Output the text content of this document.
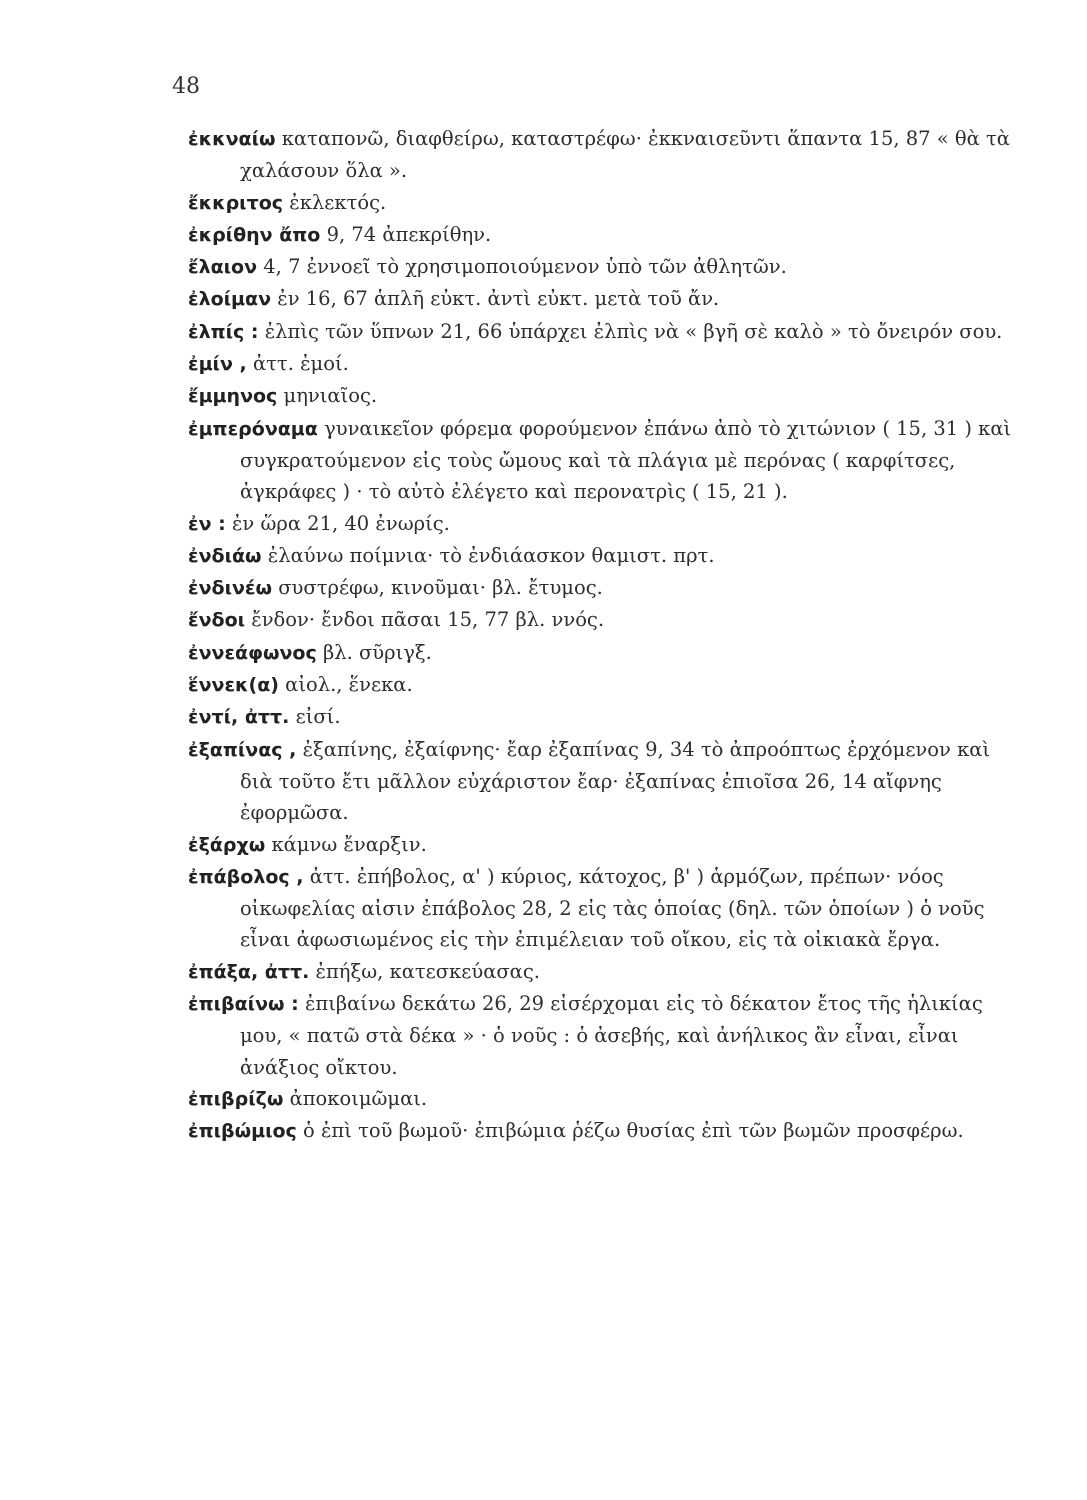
48

ἐκκναίω καταπονῶ, διαφθείρω, καταστρέφω· ἐκκναισεῦντι ἅπαντα 15, 87 « θὰ τὰ χαλάσουν ὅλα ».

ἔκκριτος ἐκλεκτός.

ἐκρίθην ἄπο 9, 74 ἀπεκρίθην.

ἔλαιον 4, 7 ἐννοεῖ τὸ χρησιμοποιούμενον ὑπὸ τῶν ἀθλητῶν.

ἐλοίμαν ἐν 16, 67 ἁπλῆ εὐκτ. ἀντὶ εὐκτ. μετὰ τοῦ ἄν.

ἐλπίς : ἐλπὶς τῶν ὕπνων 21, 66 ὑπάρχει ἐλπὶς νὰ « βγῆ σὲ καλὸ » τὸ ὄνειρόν σου.

ἐμίν , ἀττ. ἐμοί.

ἔμμηνος μηνιαῖος.

ἐμπερόναμα γυναικεῖον φόρεμα φορούμενον ἐπάνω ἀπὸ τὸ χιτώνιον ( 15, 31 ) καὶ συγκρατούμενον εἰς τοὺς ὤμους καὶ τὰ πλάγια μὲ περόνας ( καρφίτσες, ἀγκράφες ) · τὸ αὐτὸ ἐλέγετο καὶ περονατρὶς ( 15, 21 ).

ἐν : ἐν ὥρα 21, 40 ἐνωρίς.

ἐνδιάω ἐλαύνω ποίμνια· τὸ ἐνδιάασκον θαμιστ. πρτ.

ἐνδινέω συστρέφω, κινοῦμαι· βλ. ἔτυμος.

ἔνδοι ἔνδον· ἔνδοι πᾶσαι 15, 77 βλ. ννός.

ἐννεάφωνος βλ. σῦριγξ.

ἕννεκ(α) αἰολ., ἕνεκα.

ἐντί, ἀττ. εἰσί.

ἐξαπίνας , ἐξαπίνης, ἐξαίφνης· ἔαρ ἐξαπίνας 9, 34 τὸ ἀπροόπτως ἐρχόμενον καὶ διὰ τοῦτο ἔτι μᾶλλον εὐχάριστον ἔαρ· ἐξαπίνας ἐπιοῖσα 26, 14 αἴφνης ἐφορμῶσα.

ἐξάρχω κάμνω ἔναρξιν.

ἐπάβολος , ἀττ. ἐπήβολος, α' ) κύριος, κάτοχος, β' ) ἁρμόζων, πρέπων· νόος οἰκωφελίας αἰσιν ἐπάβολος 28, 2 εἰς τὰς ὁποίας (δηλ. τῶν ὁποίων ) ὁ νοῦς εἶναι ἀφωσιωμένος εἰς τὴν ἐπιμέλειαν τοῦ οἴκου, εἰς τὰ οἰκιακὰ ἔργα.

ἐπάξα, ἀττ. ἐπήξω, κατεσκεύασας.

ἐπιβαίνω : ἐπιβαίνω δεκάτω 26, 29 εἰσέρχομαι εἰς τὸ δέκατον ἔτος τῆς ἡλικίας μου, « πατῶ στὰ δέκα » · ὁ νοῦς : ὁ ἀσεβής, καὶ ἀνήλικος ἂν εἶναι, εἶναι ἀνάξιος οἴκτου.

ἐπιβρίζω ἀποκοιμῶμαι.

ἐπιβώμιος ὁ ἐπὶ τοῦ βωμοῦ· ἐπιβώμια ῥέζω θυσίας ἐπὶ τῶν βωμῶν προσφέρω.
